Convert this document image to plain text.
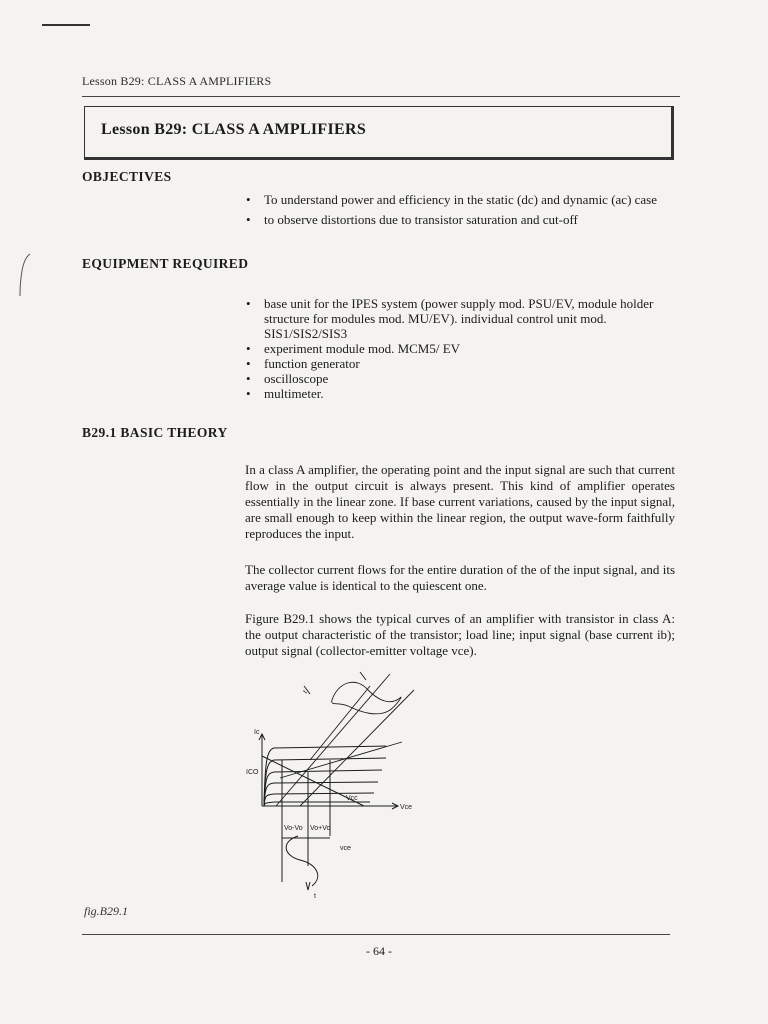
Lesson B29: CLASS A AMPLIFIERS
Lesson B29: CLASS A AMPLIFIERS
OBJECTIVES
• To understand power and efficiency in the static (dc) and dynamic (ac) case
• to observe distortions due to transistor saturation and cut-off
EQUIPMENT REQUIRED
• base unit for the IPES system (power supply mod. PSU/EV, module holder structure for modules mod. MU/EV). individual control unit mod. SIS1/SIS2/SIS3
• experiment module mod. MCM5/ EV
• function generator
• oscilloscope
• multimeter.
B29.1 BASIC THEORY

In a class A amplifier, the operating point and the input signal are such that current flow in the output circuit is always present. This kind of amplifier operates essentially in the linear zone. If base current variations, caused by the input signal, are small enough to keep within the linear region, the output wave-form faithfully reproduces the input.

The collector current flows for the entire duration of the of the input signal, and its average value is identical to the quiescent one.

Figure B29.1 shows the typical curves of an amplifier with transistor in class A: the output characteristic of the transistor; load line; input signal (base current ib); output signal (collector-emitter voltage vce).

Ic
ICO
Vcc
Vce
Vo-Vo Vo+Vo
vce
t
t
fig.B29.1
- 64 -
